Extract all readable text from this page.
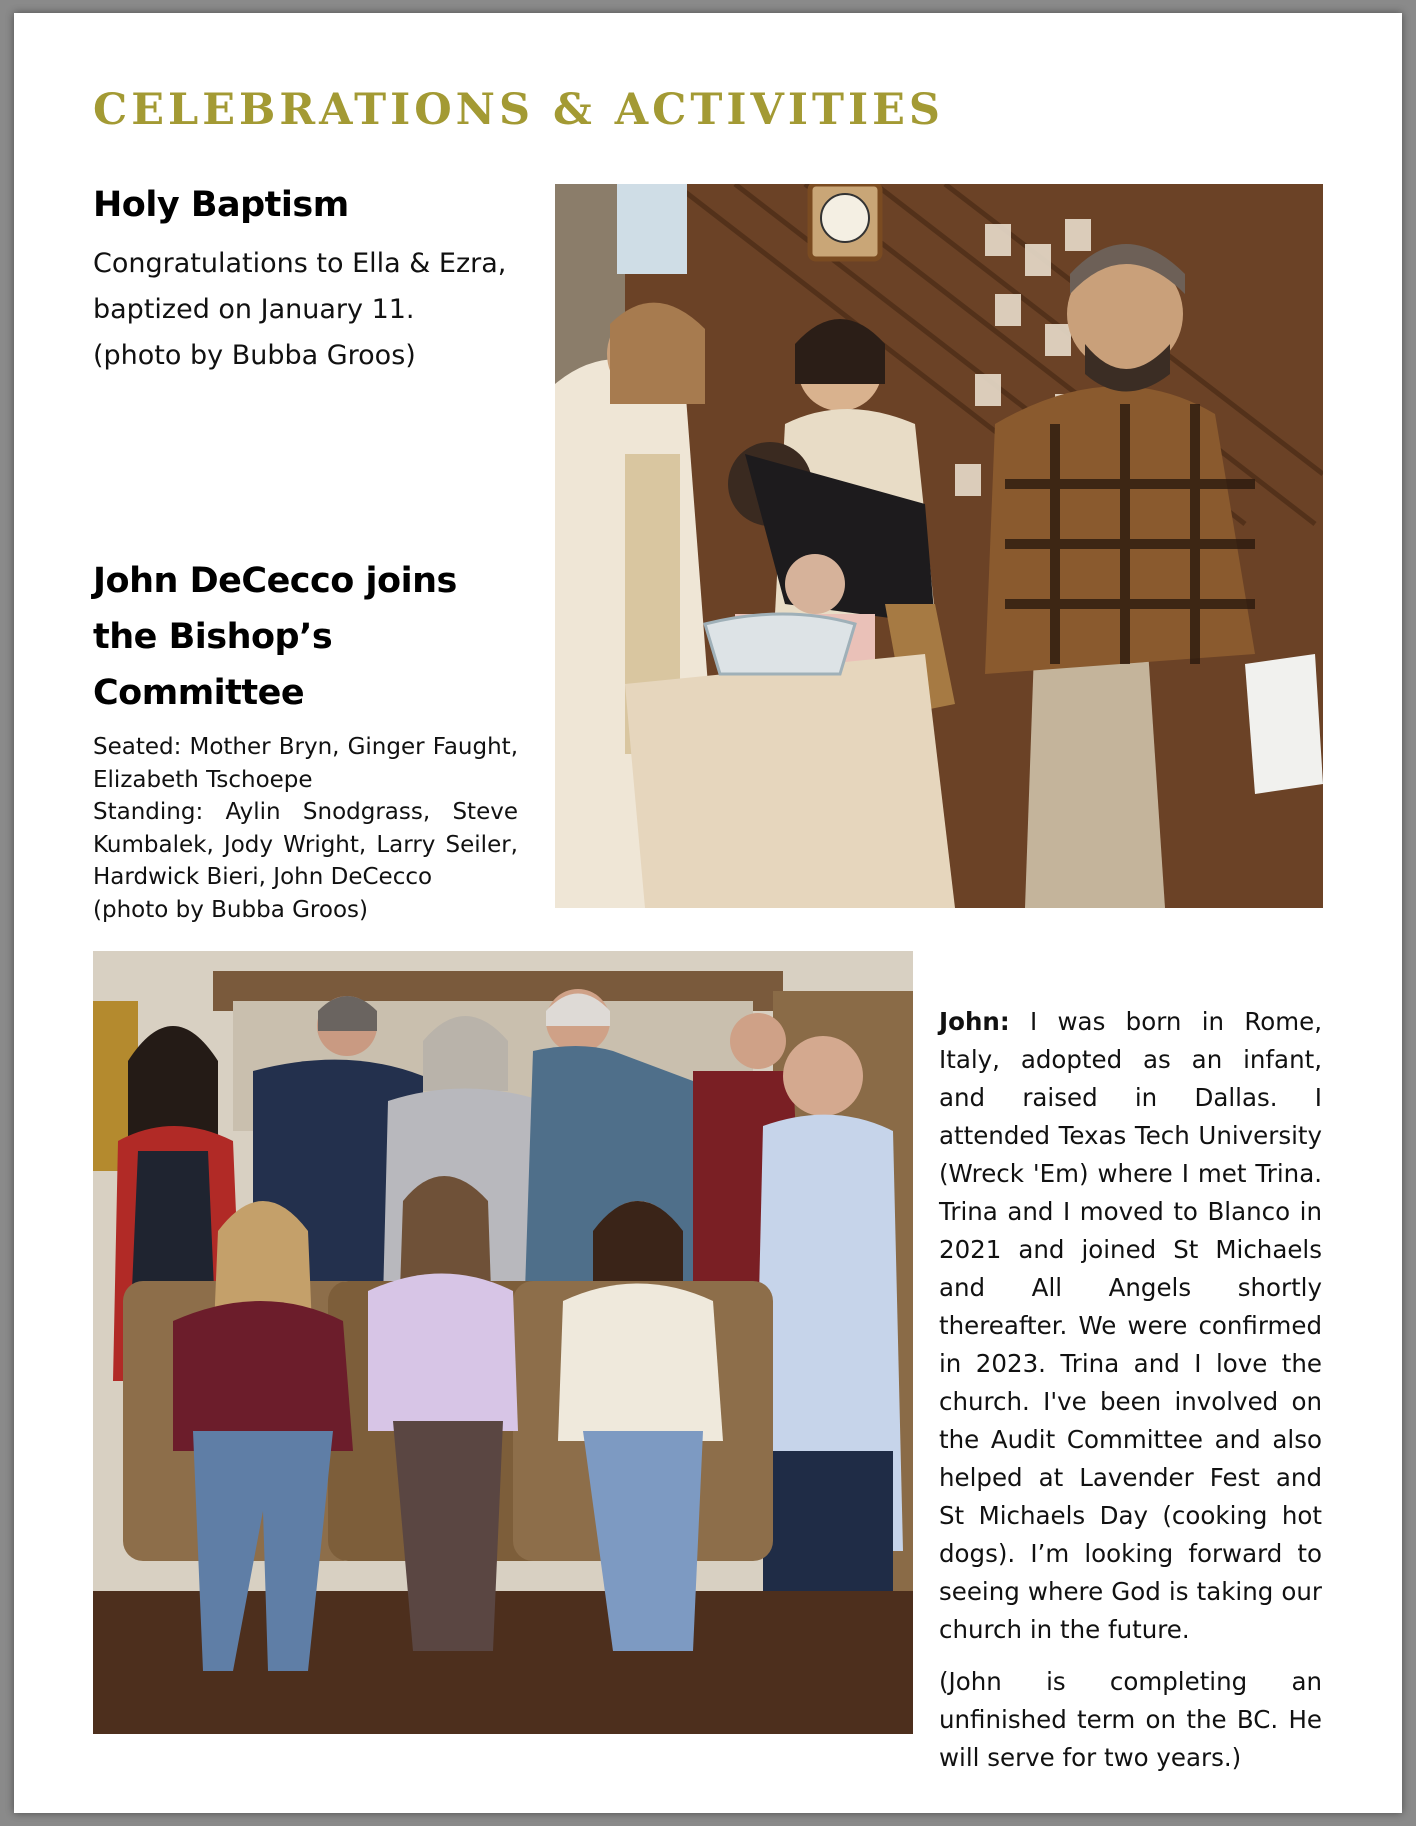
CELEBRATIONS & ACTIVITIES
Holy Baptism

Congratulations to Ella & Ezra,

baptized on January 11.

(photo by Bubba Groos)

John DeCecco joins the Bishop’s Committee

Seated: Mother Bryn, Ginger Faught, Elizabeth Tschoepe

Standing: Aylin Snodgrass, Steve Kumbalek, Jody Wright, Larry Seiler, Hardwick Bieri, John DeCecco

(photo by Bubba Groos)

John: I was born in Rome, Italy, adopted as an infant, and raised in Dallas. I attended Texas Tech University (Wreck 'Em) where I met Trina. Trina and I moved to Blanco in 2021 and joined St Michaels and All Angels shortly thereafter. We were confirmed in 2023. Trina and I love the church. I've been involved on the Audit Committee and also helped at Lavender Fest and St Michaels Day (cooking hot dogs). I’m looking forward to seeing where God is taking our church in the future.

(John is completing an unfinished term on the BC. He will serve for two years.)
